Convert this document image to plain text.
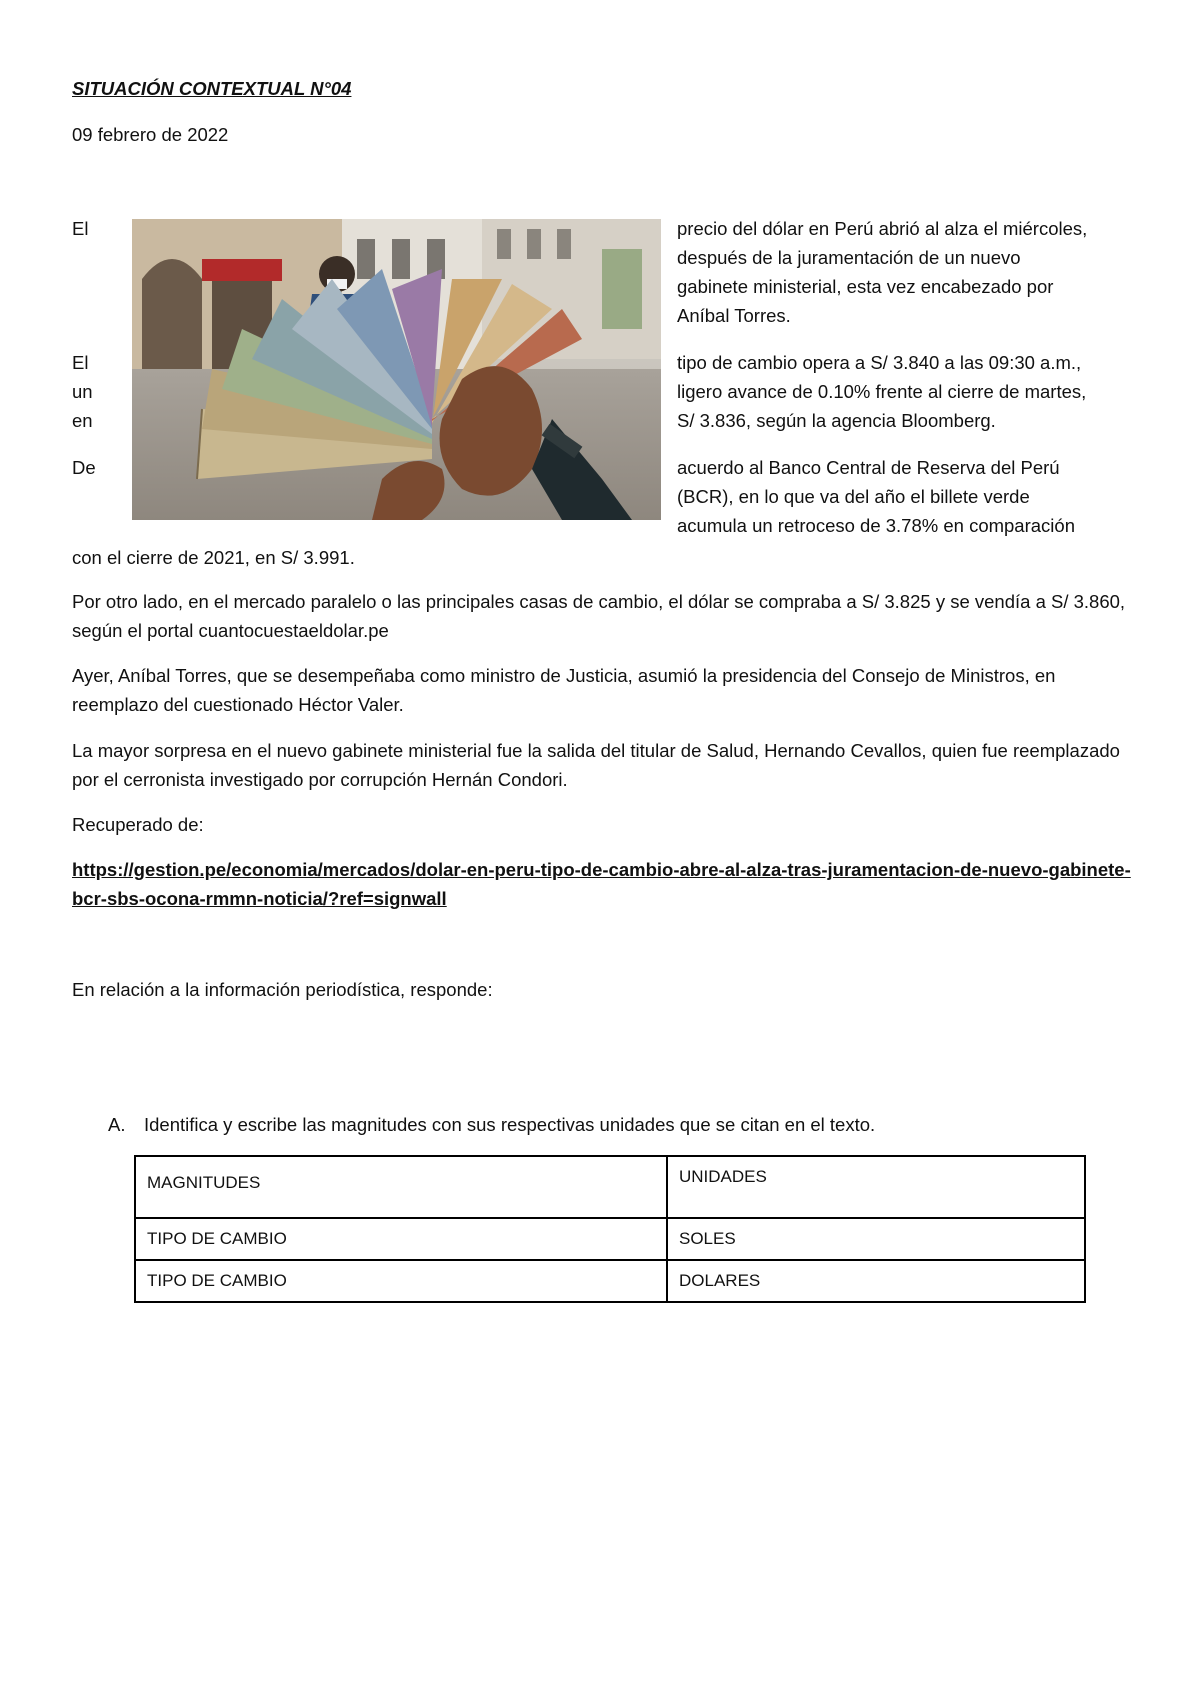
SITUACIÓN CONTEXTUAL N°04

09 febrero de 2022

El	precio del dólar en Perú abrió al alza el miércoles,
después de la juramentación de un nuevo
gabinete ministerial, esta vez encabezado por
Aníbal Torres.

El
un
en

tipo de cambio opera a S/ 3.840 a las 09:30 a.m.,
ligero avance de 0.10% frente al cierre de martes,
S/ 3.836, según la agencia Bloomberg.

De	acuerdo al Banco Central de Reserva del Perú
(BCR), en lo que va del año el billete verde
acumula un retroceso de 3.78% en comparación

con el cierre de 2021, en S/ 3.991.

Por otro lado, en el mercado paralelo o las principales casas de cambio, el dólar se compraba a S/ 3.825 y se vendía a S/ 3.860, según el portal cuantocuestaeldolar.pe

Ayer, Aníbal Torres, que se desempeñaba como ministro de Justicia, asumió la presidencia del Consejo de Ministros, en reemplazo del cuestionado Héctor Valer.

La mayor sorpresa en el nuevo gabinete ministerial fue la salida del titular de Salud, Hernando Cevallos, quien fue reemplazado por el cerronista investigado por corrupción Hernán Condori.

Recuperado de:

https://gestion.pe/economia/mercados/dolar-en-peru-tipo-de-cambio-abre-al-alza-tras-juramentacion-de-nuevo-gabinete-bcr-sbs-ocona-rmmn-noticia/?ref=signwall

En relación a la información periodística, responde:

A. Identifica y escribe las magnitudes con sus respectivas unidades que se citan en el texto.

MAGNITUDES	UNIDADES
TIPO DE CAMBIO	SOLES
TIPO DE CAMBIO	DOLARES
